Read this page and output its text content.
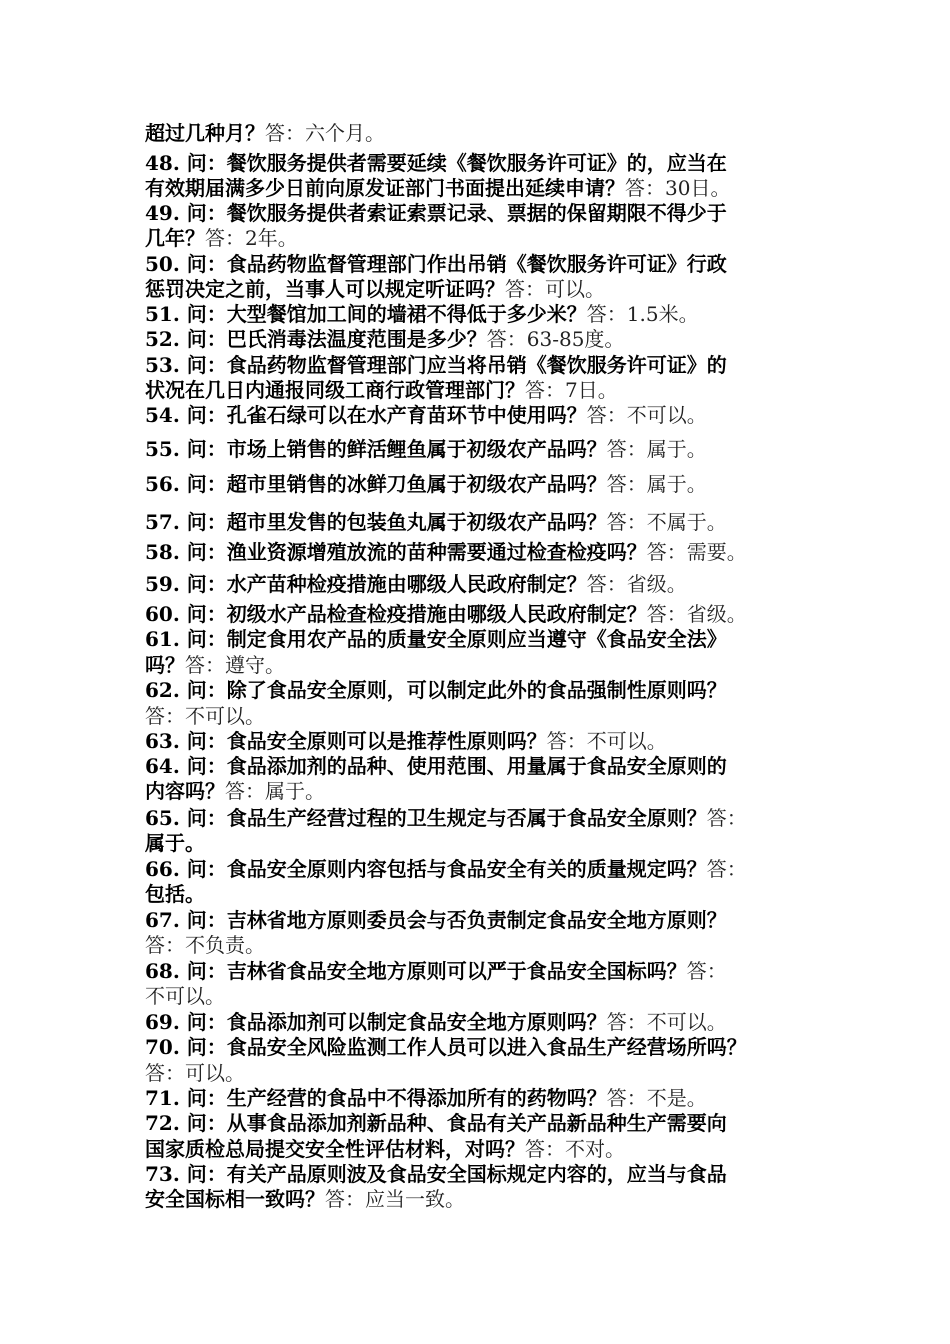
超过几种月？答：六个月。
48. 问：餐饮服务提供者需要延续《餐饮服务许可证》的，应当在
有效期届满多少日前向原发证部门书面提出延续申请？答：30日。
49. 问：餐饮服务提供者索证索票记录、票据的保留期限不得少于
几年？答：2年。
50. 问：食品药物监督管理部门作出吊销《餐饮服务许可证》行政
惩罚决定之前，当事人可以规定听证吗？答：可以。
51. 问：大型餐馆加工间的墙裙不得低于多少米？答：1.5米。
52. 问：巴氏消毒法温度范围是多少？答：63-85度。
53. 问：食品药物监督管理部门应当将吊销《餐饮服务许可证》的
状况在几日内通报同级工商行政管理部门？答：7日。
54. 问：孔雀石绿可以在水产育苗环节中使用吗？答：不可以。
55. 问：市场上销售的鲜活鲤鱼属于初级农产品吗？答：属于。
56. 问：超市里销售的冰鲜刀鱼属于初级农产品吗？答：属于。
57. 问：超市里发售的包装鱼丸属于初级农产品吗？答：不属于。
58. 问：渔业资源增殖放流的苗种需要通过检查检疫吗？答：需要。
59. 问：水产苗种检疫措施由哪级人民政府制定？答：省级。
60. 问：初级水产品检查检疫措施由哪级人民政府制定？答：省级。
61. 问：制定食用农产品的质量安全原则应当遵守《食品安全法》
吗？答：遵守。
62. 问：除了食品安全原则，可以制定此外的食品强制性原则吗？
答：不可以。
63. 问：食品安全原则可以是推荐性原则吗？答：不可以。
64. 问：食品添加剂的品种、使用范围、用量属于食品安全原则的
内容吗？答：属于。
65. 问：食品生产经营过程的卫生规定与否属于食品安全原则？答：
属于。
66. 问：食品安全原则内容包括与食品安全有关的质量规定吗？答：
包括。
67. 问：吉林省地方原则委员会与否负责制定食品安全地方原则？
答：不负责。
68. 问：吉林省食品安全地方原则可以严于食品安全国标吗？答：
不可以。
69. 问：食品添加剂可以制定食品安全地方原则吗？答：不可以。
70. 问：食品安全风险监测工作人员可以进入食品生产经营场所吗？
答：可以。
71. 问：生产经营的食品中不得添加所有的药物吗？答：不是。
72. 问：从事食品添加剂新品种、食品有关产品新品种生产需要向
国家质检总局提交安全性评估材料，对吗？答：不对。
73. 问：有关产品原则波及食品安全国标规定内容的，应当与食品
安全国标相一致吗？答：应当一致。
